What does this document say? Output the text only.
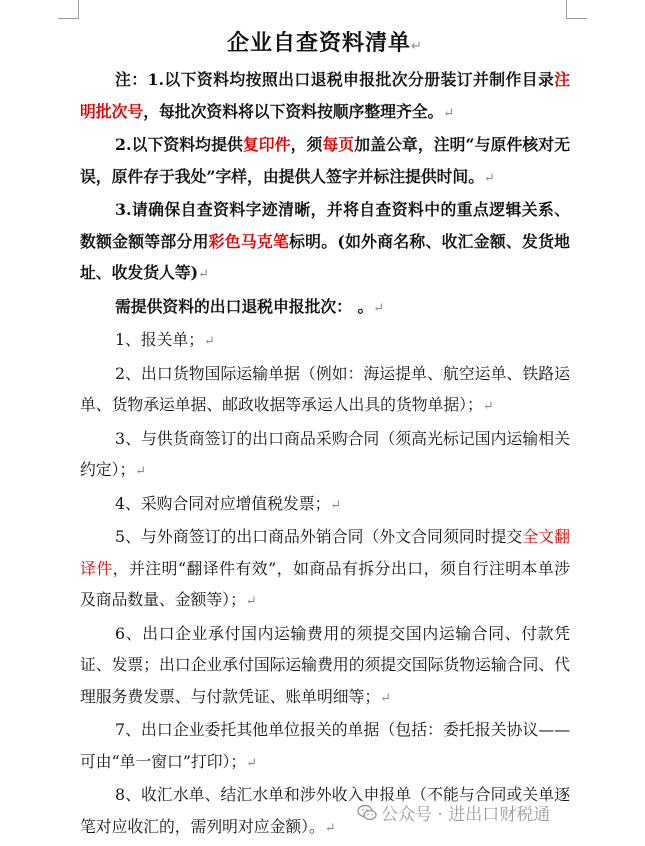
企业自查资料清单↵

注：1.以下资料均按照出口退税申报批次分册装订并制作目录注明批次号，每批次资料将以下资料按顺序整理齐全。↵

2.以下资料均提供复印件，须每页加盖公章，注明“与原件核对无误，原件存于我处”字样，由提供人签字并标注提供时间。↵

3.请确保自查资料字迹清晰，并将自查资料中的重点逻辑关系、数额金额等部分用彩色马克笔标明。(如外商名称、收汇金额、发货地址、收发货人等)↵

需提供资料的出口退税申报批次： 。↵

1、报关单；↵

2、出口货物国际运输单据（例如：海运提单、航空运单、铁路运单、货物承运单据、邮政收据等承运人出具的货物单据）；↵

3、与供货商签订的出口商品采购合同（须高光标记国内运输相关约定）；↵

4、采购合同对应增值税发票；↵

5、与外商签订的出口商品外销合同（外文合同须同时提交全文翻译件，并注明“翻译件有效”，如商品有拆分出口，须自行注明本单涉及商品数量、金额等）；↵

6、出口企业承付国内运输费用的须提交国内运输合同、付款凭证、发票；出口企业承付国际运输费用的须提交国际货物运输合同、代理服务费发票、与付款凭证、账单明细等；↵

7、出口企业委托其他单位报关的单据（包括：委托报关协议——可由“单一窗口”打印）；↵

8、收汇水单、结汇水单和涉外收入申报单（不能与合同或关单逐笔对应收汇的，需列明对应金额）。↵

公众号 · 进出口财税通
